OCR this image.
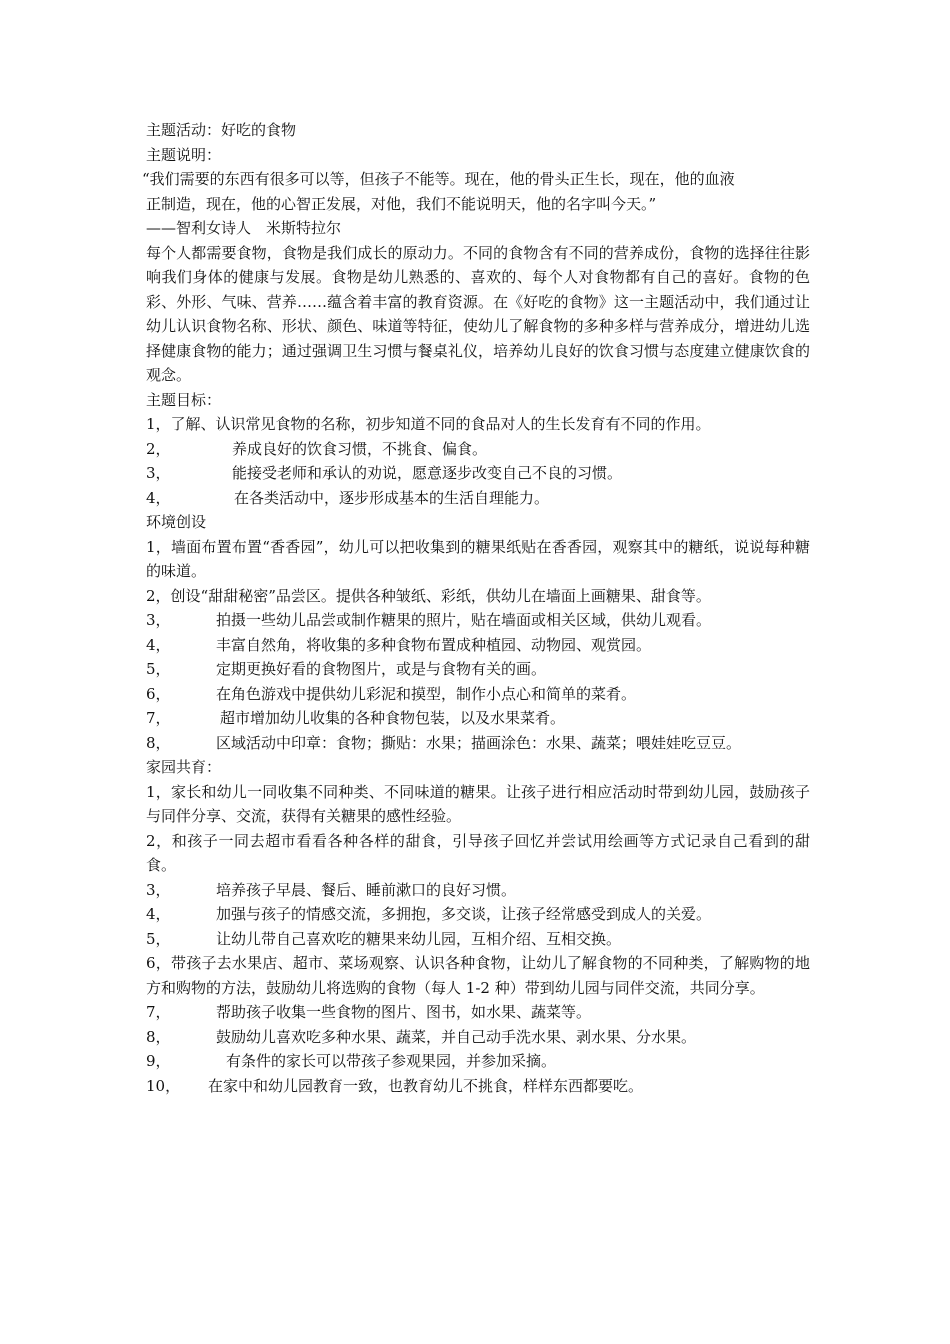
主题活动：好吃的食物
主题说明：
“我们需要的东西有很多可以等，但孩子不能等。现在，他的骨头正生长，现在，他的血液
正制造，现在，他的心智正发展，对他，我们不能说明天，他的名字叫今天。”
——智利女诗人　米斯特拉尔
每个人都需要食物，食物是我们成长的原动力。不同的食物含有不同的营养成份，食物的选择往往影响我们身体的健康与发展。食物是幼儿熟悉的、喜欢的、每个人对食物都有自己的喜好。食物的色彩、外形、气味、营养……蕴含着丰富的教育资源。在《好吃的食物》这一主题活动中，我们通过让幼儿认识食物名称、形状、颜色、味道等特征，使幼儿了解食物的多种多样与营养成分，增进幼儿选择健康食物的能力；通过强调卫生习惯与餐桌礼仪，培养幼儿良好的饮食习惯与态度建立健康饮食的观念。
主题目标：
1，了解、认识常见食物的名称，初步知道不同的食品对人的生长发育有不同的作用。
2，	养成良好的饮食习惯，不挑食、偏食。
3，	能接受老师和承认的劝说，愿意逐步改变自己不良的习惯。
4，	在各类活动中，逐步形成基本的生活自理能力。
环境创设
1，墙面布置布置“香香园”，幼儿可以把收集到的糖果纸贴在香香园，观察其中的糖纸，说说每种糖的味道。
2，创设“甜甜秘密”品尝区。提供各种皱纸、彩纸，供幼儿在墙面上画糖果、甜食等。
3，	拍摄一些幼儿品尝或制作糖果的照片，贴在墙面或相关区域，供幼儿观看。
4，	丰富自然角，将收集的多种食物布置成种植园、动物园、观赏园。
5，	定期更换好看的食物图片，或是与食物有关的画。
6，	在角色游戏中提供幼儿彩泥和摸型，制作小点心和简单的菜肴。
7，	超市增加幼儿收集的各种食物包装，以及水果菜肴。
8，	区域活动中印章：食物；撕贴：水果；描画涂色：水果、蔬菜；喂娃娃吃豆豆。
家园共育：
1，家长和幼儿一同收集不同种类、不同味道的糖果。让孩子进行相应活动时带到幼儿园，鼓励孩子与同伴分享、交流，获得有关糖果的感性经验。
2，和孩子一同去超市看看各种各样的甜食，引导孩子回忆并尝试用绘画等方式记录自己看到的甜食。
3，	培养孩子早晨、餐后、睡前漱口的良好习惯。
4，	加强与孩子的情感交流，多拥抱，多交谈，让孩子经常感受到成人的关爱。
5，	让幼儿带自己喜欢吃的糖果来幼儿园，互相介绍、互相交换。
6，带孩子去水果店、超市、菜场观察、认识各种食物，让幼儿了解食物的不同种类，了解购物的地方和购物的方法，鼓励幼儿将选购的食物（每人 1-2 种）带到幼儿园与同伴交流，共同分享。
7，	帮助孩子收集一些食物的图片、图书，如水果、蔬菜等。
8，	鼓励幼儿喜欢吃多种水果、蔬菜，并自己动手洗水果、剥水果、分水果。
9，	有条件的家长可以带孩子参观果园，并参加采摘。
10，	在家中和幼儿园教育一致，也教育幼儿不挑食，样样东西都要吃。
